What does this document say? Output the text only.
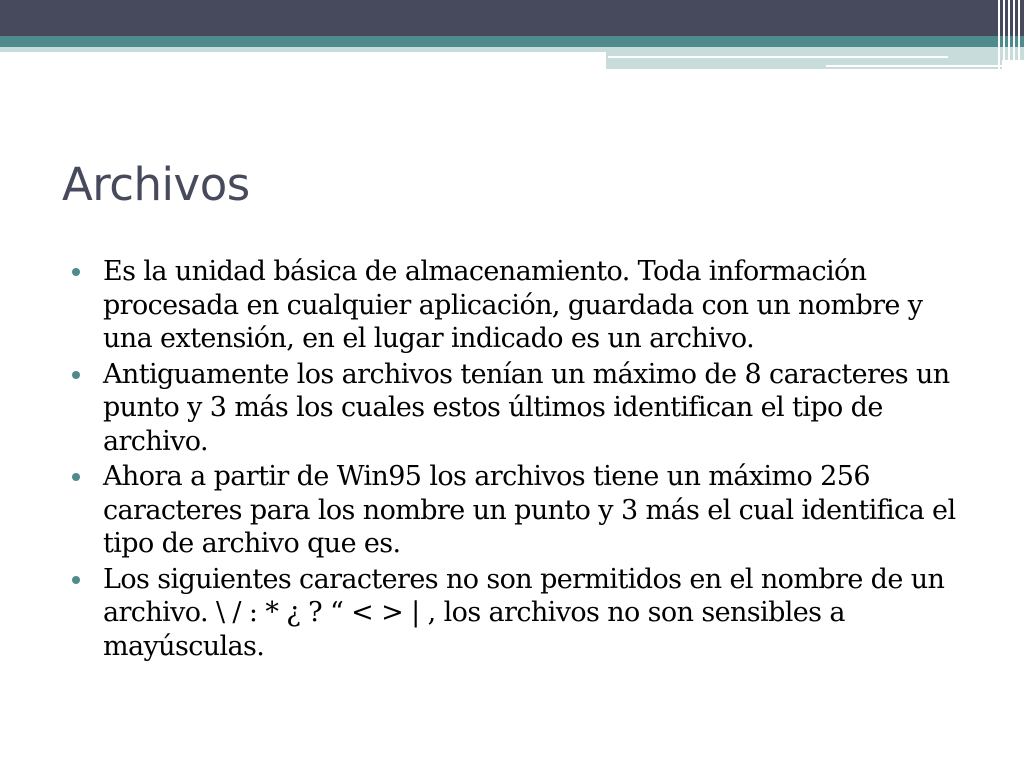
Archivos
Es la unidad básica de almacenamiento. Toda información procesada en cualquier aplicación, guardada con un nombre y una extensión, en el lugar indicado es un archivo.
Antiguamente los archivos tenían un máximo de 8 caracteres un punto y 3 más los cuales estos últimos identifican el tipo de archivo.
Ahora a partir de Win95 los archivos tiene un máximo 256 caracteres para los nombre un punto y 3 más el cual identifica el tipo de archivo que es.
Los siguientes caracteres no son permitidos en el nombre de un archivo. \ / : * ¿ ? “ < > | , los archivos no son sensibles a mayúsculas.
